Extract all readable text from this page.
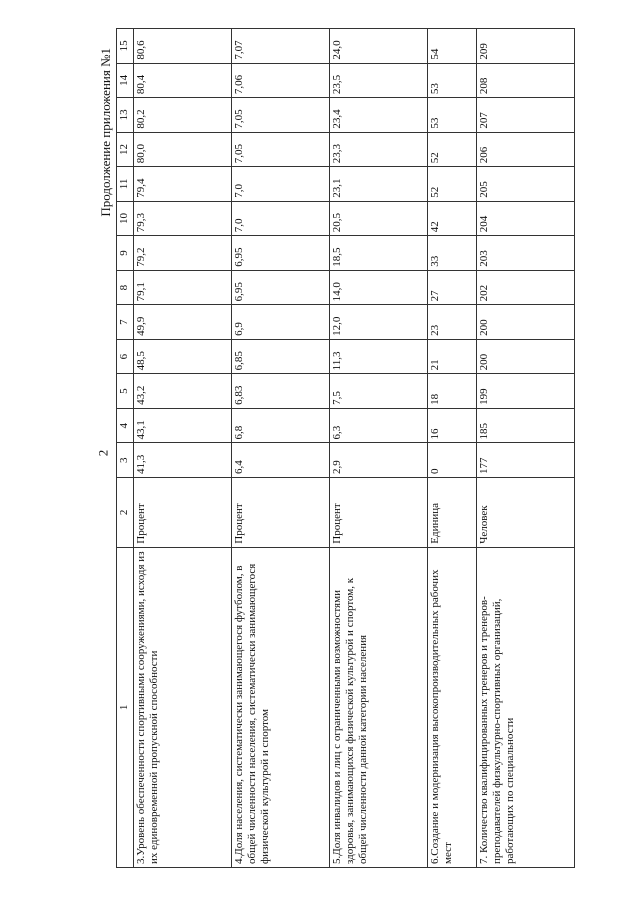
2
Продолжение приложения №1
1	2	3	4	5	6	7	8	9	10	11	12	13	14	15
3.Уровень обеспеченности спортивными сооружениями, исходя из их единовременной пропускной способности	Процент	41,3	43,1	43,2	48,5	49,9	79,1	79,2	79,3	79,4	80,0	80,2	80,4	80,6
4.Доля населения, систематически занимающегося футболом, в общей численности населения, систематически занимающегося физической культурой и спортом	Процент	6,4	6,8	6,83	6,85	6,9	6,95	6,95	7,0	7,0	7,05	7,05	7,06	7,07
5.Доля инвалидов и лиц с ограниченными возможностями здоровья, занимающихся физической культурой и спортом, к общей численности данной категории населения	Процент	2,9	6,3	7,5	11,3	12,0	14,0	18,5	20,5	23,1	23,3	23,4	23,5	24,0
6.Создание и модернизация высокопроизводительных рабочих мест	Единица	0	16	18	21	23	27	33	42	52	52	53	53	54
7. Количество квалифицированных тренеров и тренеров-преподавателей физкультурно-спортивных организаций, работающих по специальности	Человек	177	185	199	200	200	202	203	204	205	206	207	208	209
